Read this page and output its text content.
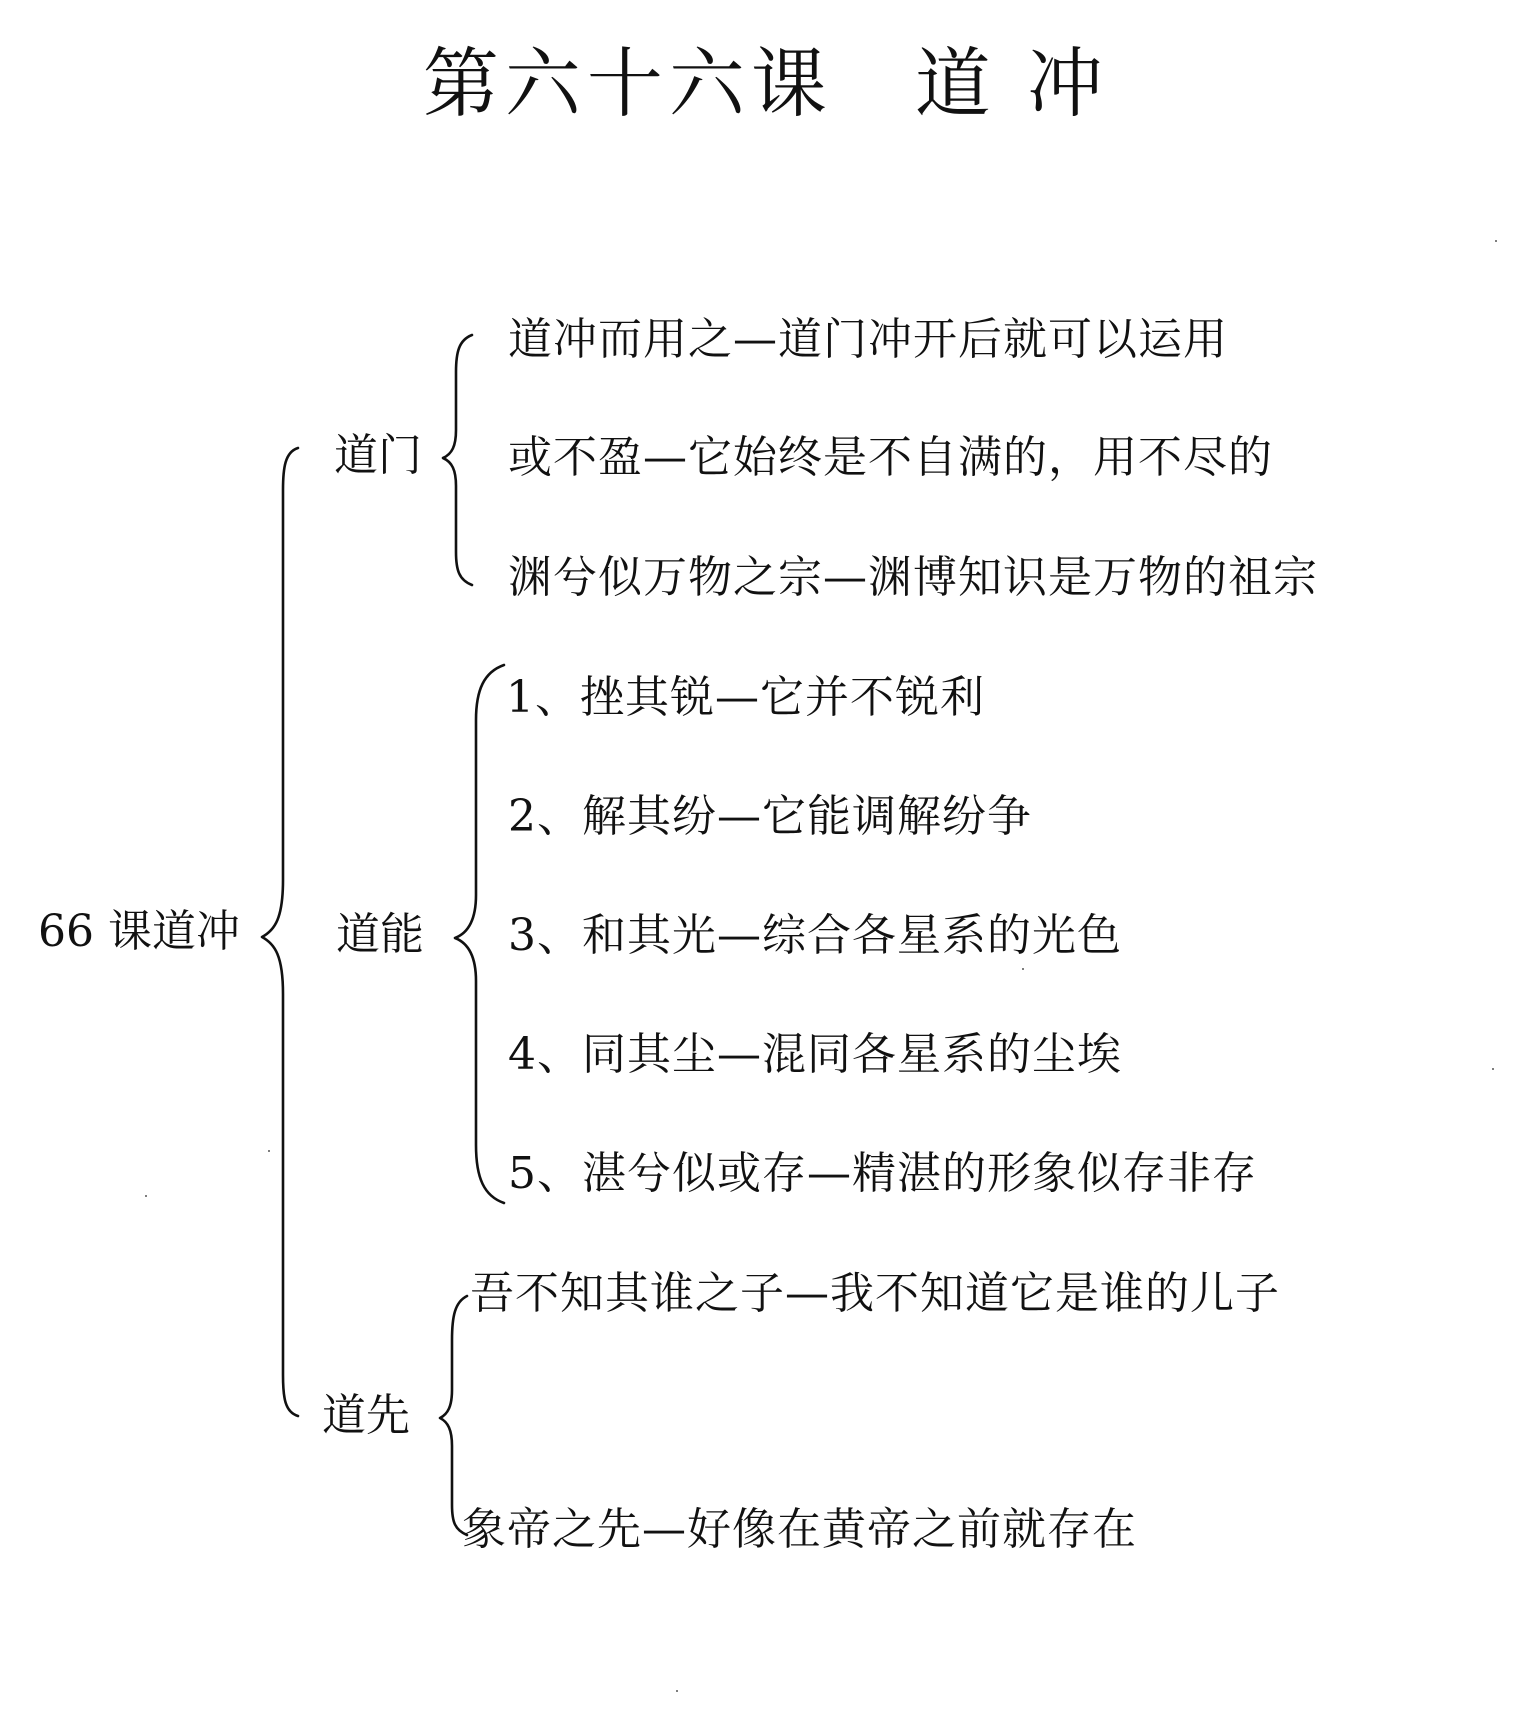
第六十六课　道 冲
66 课道冲
道门
道能
道先
道冲而用之—道门冲开后就可以运用
或不盈—它始终是不自满的，用不尽的
渊兮似万物之宗—渊博知识是万物的祖宗
1、挫其锐—它并不锐利
2、解其纷—它能调解纷争
3、和其光—综合各星系的光色
4、同其尘—混同各星系的尘埃
5、湛兮似或存—精湛的形象似存非存
吾不知其谁之子—我不知道它是谁的儿子
象帝之先—好像在黄帝之前就存在
